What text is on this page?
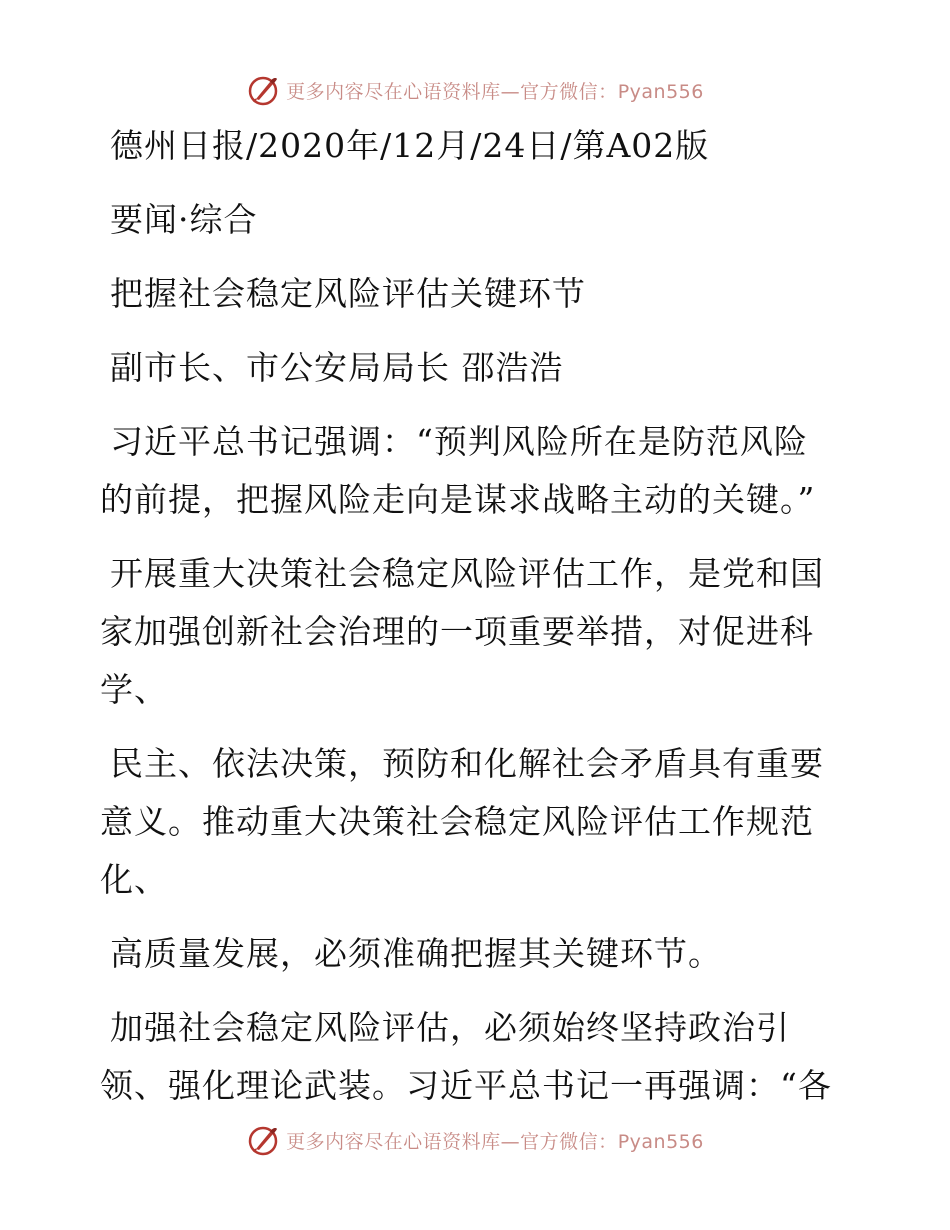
更多内容尽在心语资料库—官方微信：Pyan556
德州日报/2020年/12月/24日/第A02版
要闻·综合
把握社会稳定风险评估关键环节
副市长、市公安局局长 邵浩浩
习近平总书记强调：“预判风险所在是防范风险
的前提，把握风险走向是谋求战略主动的关键。”
开展重大决策社会稳定风险评估工作，是党和国
家加强创新社会治理的一项重要举措，对促进科
学、
民主、依法决策，预防和化解社会矛盾具有重要
意义。推动重大决策社会稳定风险评估工作规范
化、
高质量发展，必须准确把握其关键环节。
加强社会稳定风险评估，必须始终坚持政治引
领、强化理论武装。习近平总书记一再强调：“各
更多内容尽在心语资料库—官方微信：Pyan556
